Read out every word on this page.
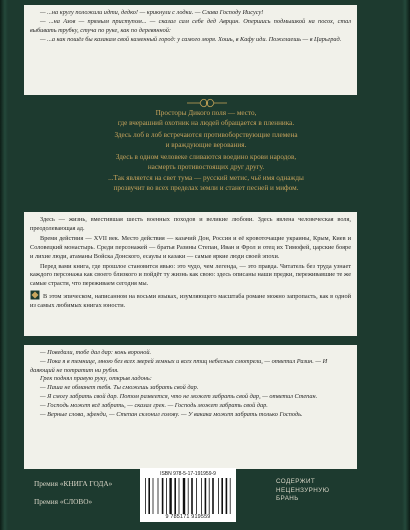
— ...на кругу положили идти, дедко! — крикнули с лодки. — Слава Господу Иисусу!

— ...на Азов — прямым приступом... — сказал сам себе дед Аврцин. Опершись подмышкой на посох, стал выбивать трубку, стуча по руке, как по деревянной:

— ...а как пошёл бы казакам свой каменный город: у самого моря. Хошь, в Кафу иди. Пожелаешь — в Царьград.

Просторы Дикого поля — место,

где вчерашний охотник на людей обращается в пленника.

Здесь лоб в лоб встречаются противоборствующие племена

и враждующие верования.

Здесь в одном человеке сливаются воедино крови народов,

насмерть противостоящих друг другу.

...Так является на свет тума — русский метис, чьё имя однажды

прозвучит во всех пределах земли и станет песней и мифом.

Здесь — жизнь, вместившая шесть военных походов и великие любови. Здесь явлена человеческая воля, преодолевающая ад.

Время действия — XVII век. Место действия — казачий Дон, Россия и её кровоточащие украины, Крым, Киев и Соловецкий монастырь. Среди персонажей — братья Разины Степан, Иван и Фрол и отец их Тимофей, царские бояре и лихие люди, атаманы Войска Донского, есаулы и казаки — самые яркие люди своей эпохи.

Перед вами книга, где прошлое становится явью: это чудо, чем легенда, — это правда. Читатель без труда узнает каждого персонажа как своего близкого и пойдёт ту жизнь как свою: здесь описаны наши предки, переживавшие те же самые страсти, что переживаем сегодня мы.

В этом эпическом, написанном на восьми языках, изумляющего масштаба романе можно запропасть, как в одной из самых любимых книгах юности.

— Поведали, тобе дал дар: конь вороной.

— Пока я в темнице, мною без всех зверей земных и всех птиц небесных смотрели, — ответил Разин. — И даяющий не потратит ни рубля.

Грек поднял правую руку, открыв ладонь:

— Паша не обманет тебя. Ты сможешь забрать свой дар.

— Я смогу забрать свой дар. Потом развеется, что не может забрать свой дар, — ответил Степан.

— Господь может всё забрать, — сказал грек. — Господь может забрать свой дар.

— Верные слова, эфенди, — Степан склонил голову. — У вакака может забрать только Господь.

Премия «КНИГА ГОДА»
Премия «СЛОВО»
ISBN 978-5-17-191959-9
9 785171 919559
СОДЕРЖИТ
НЕЦЕНЗУРНУЮ
БРАНЬ
